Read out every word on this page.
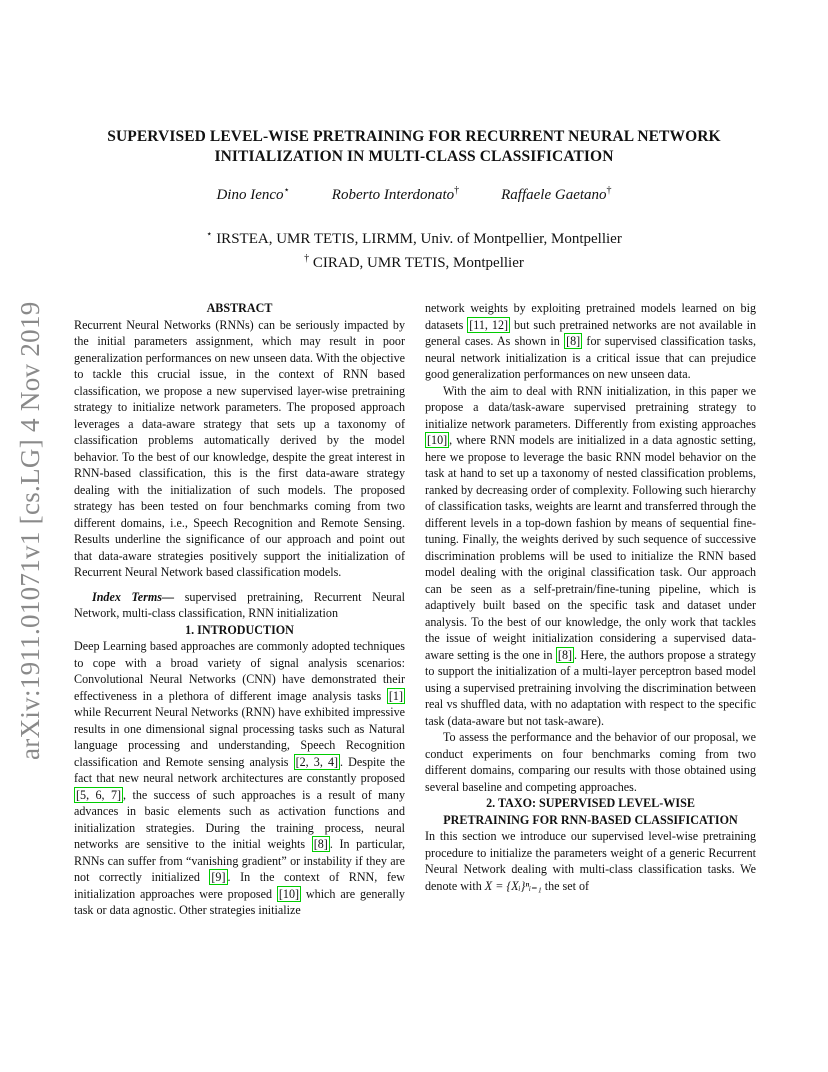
arXiv:1911.01071v1 [cs.LG] 4 Nov 2019
SUPERVISED LEVEL-WISE PRETRAINING FOR RECURRENT NEURAL NETWORK
INITIALIZATION IN MULTI-CLASS CLASSIFICATION
Dino Ienco⋆	Roberto Interdonato†	Raffaele Gaetano†
⋆ IRSTEA, UMR TETIS, LIRMM, Univ. of Montpellier, Montpellier
† CIRAD, UMR TETIS, Montpellier

ABSTRACT

Recurrent Neural Networks (RNNs) can be seriously impacted by the initial parameters assignment, which may result in poor generalization performances on new unseen data. With the objective to tackle this crucial issue, in the context of RNN based classification, we propose a new supervised layer-wise pretraining strategy to initialize network parameters. The proposed approach leverages a data-aware strategy that sets up a taxonomy of classification problems automatically derived by the model behavior. To the best of our knowledge, despite the great interest in RNN-based classification, this is the first data-aware strategy dealing with the initialization of such models. The proposed strategy has been tested on four benchmarks coming from two different domains, i.e., Speech Recognition and Remote Sensing. Results underline the significance of our approach and point out that data-aware strategies positively support the initialization of Recurrent Neural Network based classification models.

Index Terms— supervised pretraining, Recurrent Neural Network, multi-class classification, RNN initialization

1. INTRODUCTION

Deep Learning based approaches are commonly adopted techniques to cope with a broad variety of signal analysis scenarios: Convolutional Neural Networks (CNN) have demonstrated their effectiveness in a plethora of different image analysis tasks [1] while Recurrent Neural Networks (RNN) have exhibited impressive results in one dimensional signal processing tasks such as Natural language processing and understanding, Speech Recognition classification and Remote sensing analysis [2, 3, 4] . Despite the fact that new neural network architectures are constantly proposed [5, 6, 7] , the success of such approaches is a result of many advances in basic elements such as activation functions and initialization strategies. During the training process, neural networks are sensitive to the initial weights [8] . In particular, RNNs can suffer from “vanishing gradient” or instability if they are not correctly initialized [9] . In the context of RNN, few initialization approaches were proposed [10] which are generally task or data agnostic. Other strategies initialize

network weights by exploiting pretrained models learned on big datasets [11, 12] but such pretrained networks are not available in general cases. As shown in [8] for supervised classification tasks, neural network initialization is a critical issue that can prejudice good generalization performances on new unseen data.

With the aim to deal with RNN initialization, in this paper we propose a data/task-aware supervised pretraining strategy to initialize network parameters. Differently from existing approaches [10] , where RNN models are initialized in a data agnostic setting, here we propose to leverage the basic RNN model behavior on the task at hand to set up a taxonomy of nested classification problems, ranked by decreasing order of complexity. Following such hierarchy of classification tasks, weights are learnt and transferred through the different levels in a top-down fashion by means of sequential fine-tuning. Finally, the weights derived by such sequence of successive discrimination problems will be used to initialize the RNN based model dealing with the original classification task. Our approach can be seen as a self-pretrain/fine-tuning pipeline, which is adaptively built based on the specific task and dataset under analysis. To the best of our knowledge, the only work that tackles the issue of weight initialization considering a supervised data-aware setting is the one in [8] . Here, the authors propose a strategy to support the initialization of a multi-layer perceptron based model using a supervised pretraining involving the discrimination between real vs shuffled data, with no adaptation with respect to the specific task (data-aware but not task-aware).

To assess the performance and the behavior of our proposal, we conduct experiments on four benchmarks coming from two different domains, comparing our results with those obtained using several baseline and competing approaches.

2. TAXO: SUPERVISED LEVEL-WISE
PRETRAINING FOR RNN-BASED CLASSIFICATION

In this section we introduce our supervised level-wise pretraining procedure to initialize the parameters weight of a generic Recurrent Neural Network dealing with multi-class classification tasks. We denote with X = {Xᵢ}ⁿᵢ₌₁ the set of
